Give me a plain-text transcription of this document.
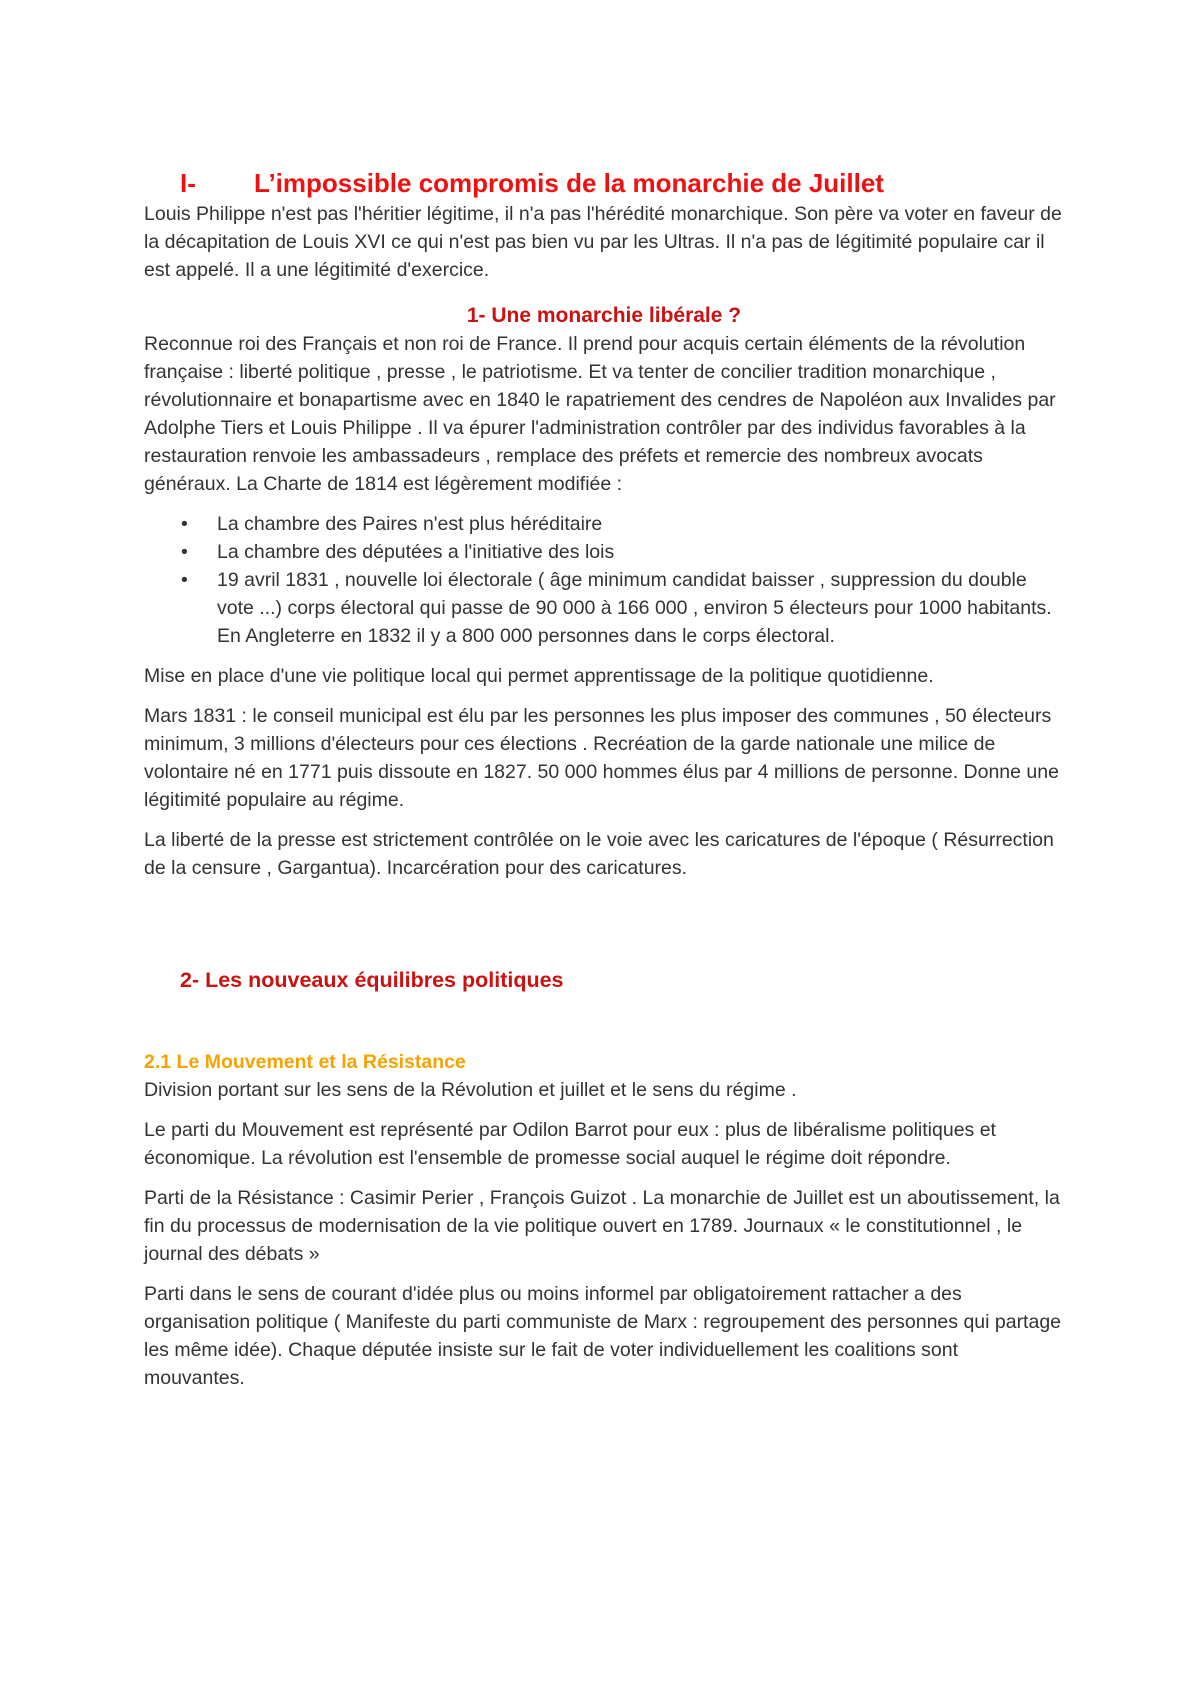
I-	L’impossible compromis de la monarchie de Juillet

Louis Philippe n'est pas l'héritier légitime, il n'a pas l'hérédité monarchique. Son père va voter en faveur de la décapitation de Louis XVI ce qui n'est pas bien vu par les Ultras. Il n'a pas de légitimité populaire car il est appelé. Il a une légitimité d'exercice.

1- Une monarchie libérale ?

Reconnue roi des Français et non roi de France. Il prend pour acquis certain éléments de la révolution française : liberté politique , presse , le patriotisme. Et va tenter de concilier tradition monarchique , révolutionnaire et bonapartisme avec en 1840 le rapatriement des cendres de Napoléon aux Invalides par Adolphe Tiers et Louis Philippe . Il va épurer l'administration contrôler par des individus favorables à la restauration renvoie les ambassadeurs , remplace des préfets et remercie des nombreux avocats généraux. La Charte de 1814 est légèrement modifiée :

• La chambre des Paires n'est plus héréditaire
• La chambre des députées a l'initiative des lois
• 19 avril 1831 , nouvelle loi électorale ( âge minimum candidat baisser , suppression du double vote ...) corps électoral qui passe de 90 000 à 166 000 , environ 5 électeurs pour 1000 habitants. En Angleterre en 1832 il y a 800 000 personnes dans le corps électoral.

Mise en place d'une vie politique local qui permet apprentissage de la politique quotidienne.

Mars 1831 : le conseil municipal est élu par les personnes les plus imposer des communes , 50 électeurs minimum, 3 millions d'électeurs pour ces élections . Recréation de la garde nationale une milice de volontaire né en 1771 puis dissoute en 1827. 50 000 hommes élus par 4 millions de personne. Donne une légitimité populaire au régime.

La liberté de la presse est strictement contrôlée on le voie avec les caricatures de l'époque ( Résurrection de la censure , Gargantua). Incarcération pour des caricatures.

2- Les nouveaux équilibres politiques
2.1 Le Mouvement et la Résistance

Division portant sur les sens de la Révolution et juillet et le sens du régime .

Le parti du Mouvement est représenté par Odilon Barrot pour eux : plus de libéralisme politiques et économique. La révolution est l'ensemble de promesse social auquel le régime doit répondre.

Parti de la Résistance : Casimir Perier , François Guizot . La monarchie de Juillet est un aboutissement, la fin du processus de modernisation de la vie politique ouvert en 1789. Journaux « le constitutionnel , le journal des débats »

Parti dans le sens de courant d'idée plus ou moins informel par obligatoirement rattacher a des organisation politique ( Manifeste du parti communiste de Marx : regroupement des personnes qui partage les même idée). Chaque députée insiste sur le fait de voter individuellement les coalitions sont mouvantes.
